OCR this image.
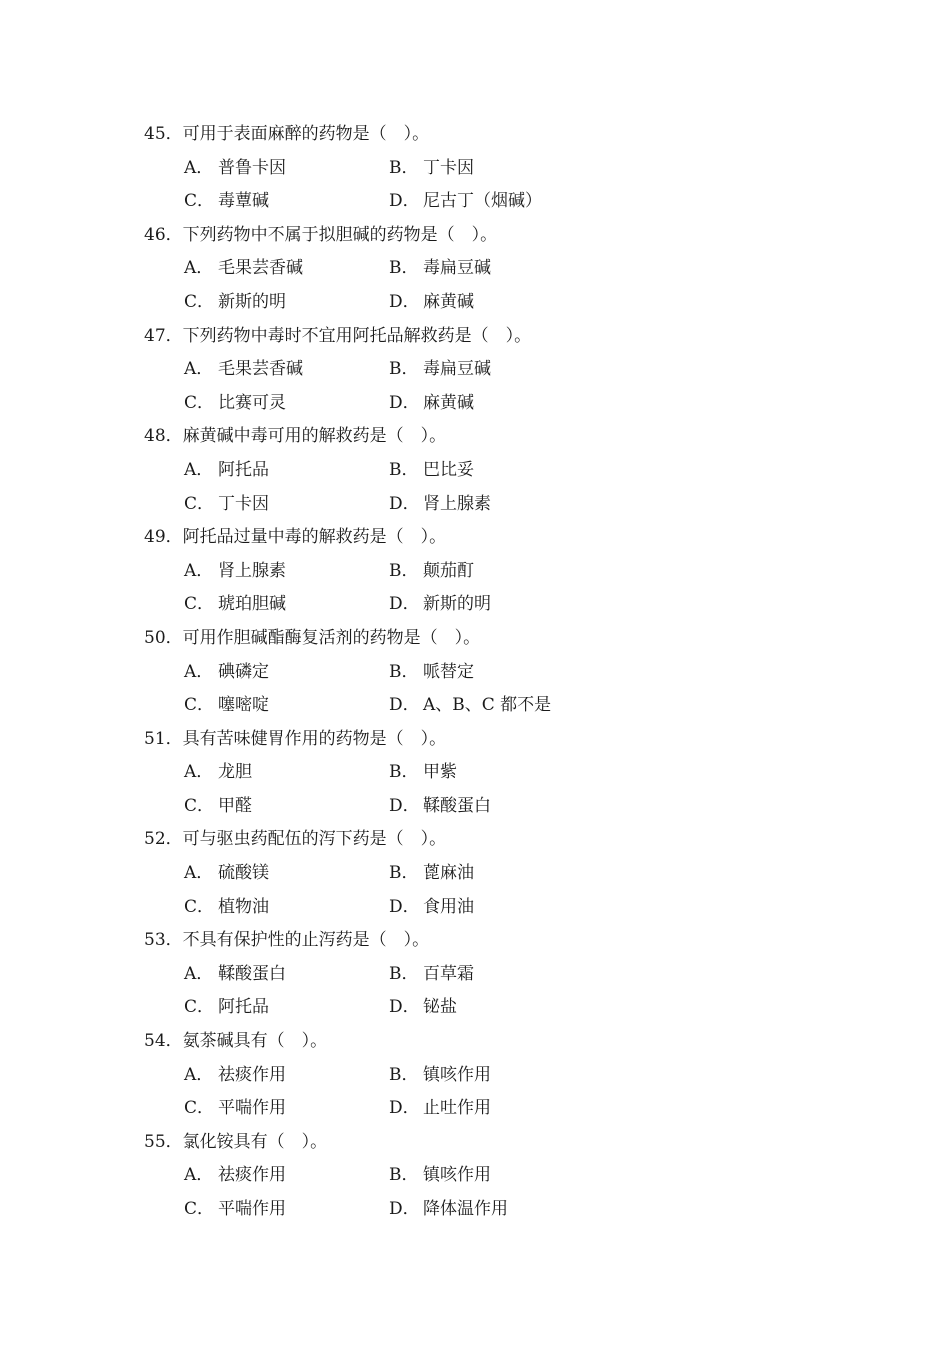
45．可用于表面麻醉的药物是（　）。
A． 普鲁卡因	B． 丁卡因
C． 毒蕈碱	D． 尼古丁（烟碱）
46．下列药物中不属于拟胆碱的药物是（　）。
A． 毛果芸香碱	B． 毒扁豆碱
C． 新斯的明	D． 麻黄碱
47．下列药物中毒时不宜用阿托品解救药是（　）。
A． 毛果芸香碱	B． 毒扁豆碱
C． 比赛可灵	D． 麻黄碱
48．麻黄碱中毒可用的解救药是（　）。
A． 阿托品	B． 巴比妥
C． 丁卡因	D． 肾上腺素
49．阿托品过量中毒的解救药是（　）。
A． 肾上腺素	B． 颠茄酊
C． 琥珀胆碱	D． 新斯的明
50．可用作胆碱酯酶复活剂的药物是（　）。
A． 碘磷定	B． 哌替定
C． 噻嘧啶	D． A、B、C 都不是
51．具有苦味健胃作用的药物是（　）。
A． 龙胆	B． 甲紫
C． 甲醛	D． 鞣酸蛋白
52．可与驱虫药配伍的泻下药是（　）。
A． 硫酸镁	B． 蓖麻油
C． 植物油	D． 食用油
53．不具有保护性的止泻药是（　）。
A． 鞣酸蛋白	B． 百草霜
C． 阿托品	D． 铋盐
54．氨茶碱具有（　）。
A． 祛痰作用	B． 镇咳作用
C． 平喘作用	D． 止吐作用
55．氯化铵具有（　）。
A． 祛痰作用	B． 镇咳作用
C． 平喘作用	D． 降体温作用
